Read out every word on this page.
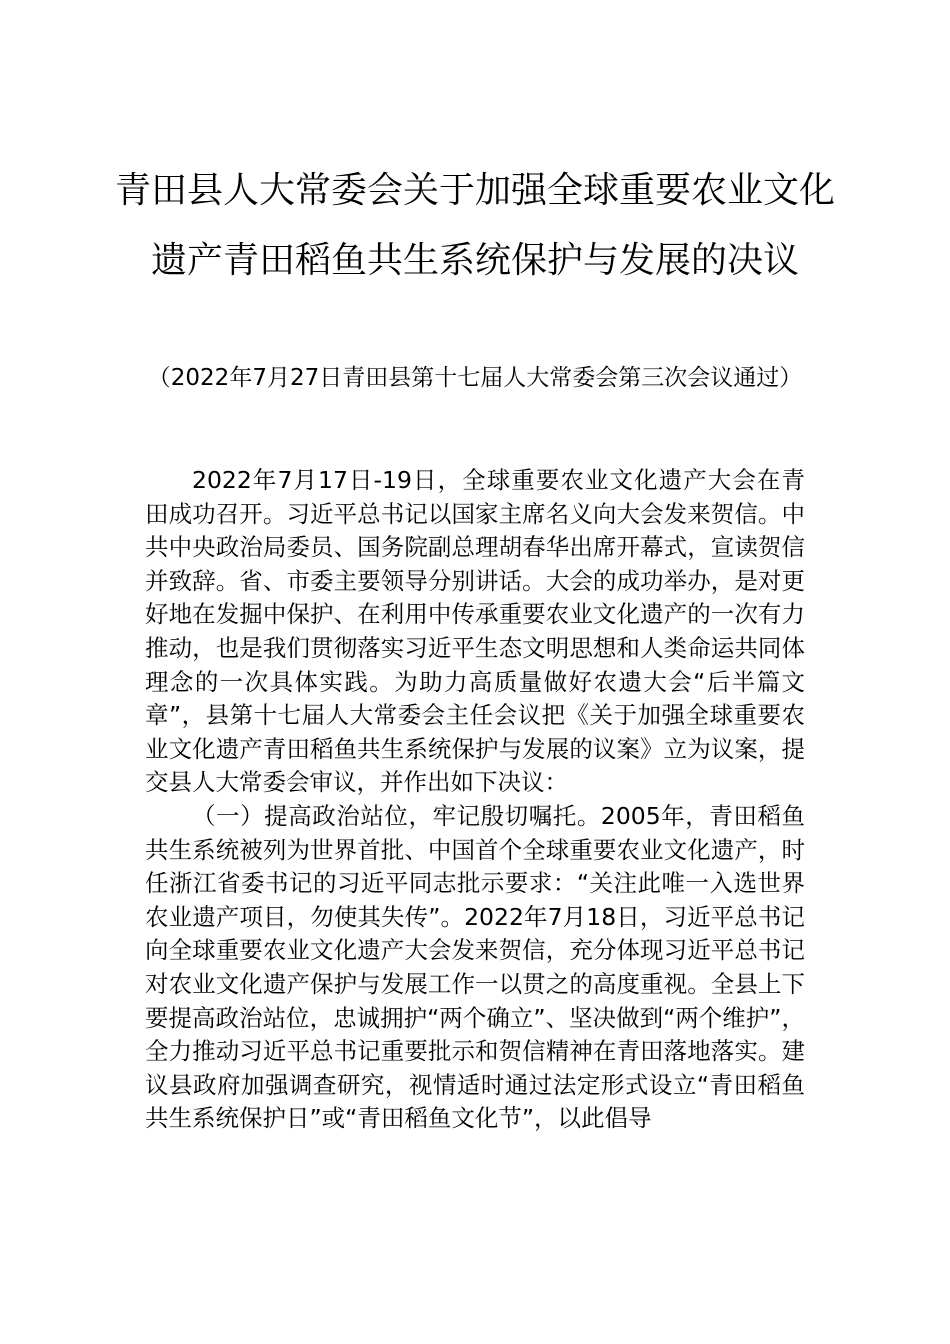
青田县人大常委会关于加强全球重要农业文化遗产青田稻鱼共生系统保护与发展的决议
（2022年7月27日青田县第十七届人大常委会第三次会议通过）

2022年7月17日-19日，全球重要农业文化遗产大会在青田成功召开。习近平总书记以国家主席名义向大会发来贺信。中共中央政治局委员、国务院副总理胡春华出席开幕式，宣读贺信并致辞。省、市委主要领导分别讲话。大会的成功举办，是对更好地在发掘中保护、在利用中传承重要农业文化遗产的一次有力推动，也是我们贯彻落实习近平生态文明思想和人类命运共同体理念的一次具体实践。为助力高质量做好农遗大会“后半篇文章”，县第十七届人大常委会主任会议把《关于加强全球重要农业文化遗产青田稻鱼共生系统保护与发展的议案》立为议案，提交县人大常委会审议，并作出如下决议：

（一）提高政治站位，牢记殷切嘱托。2005年，青田稻鱼共生系统被列为世界首批、中国首个全球重要农业文化遗产，时任浙江省委书记的习近平同志批示要求：“关注此唯一入选世界农业遗产项目，勿使其失传”。2022年7月18日，习近平总书记向全球重要农业文化遗产大会发来贺信，充分体现习近平总书记对农业文化遗产保护与发展工作一以贯之的高度重视。全县上下要提高政治站位，忠诚拥护“两个确立”、坚决做到“两个维护”，全力推动习近平总书记重要批示和贺信精神在青田落地落实。建议县政府加强调查研究，视情适时通过法定形式设立“青田稻鱼共生系统保护日”或“青田稻鱼文化节”，以此倡导
